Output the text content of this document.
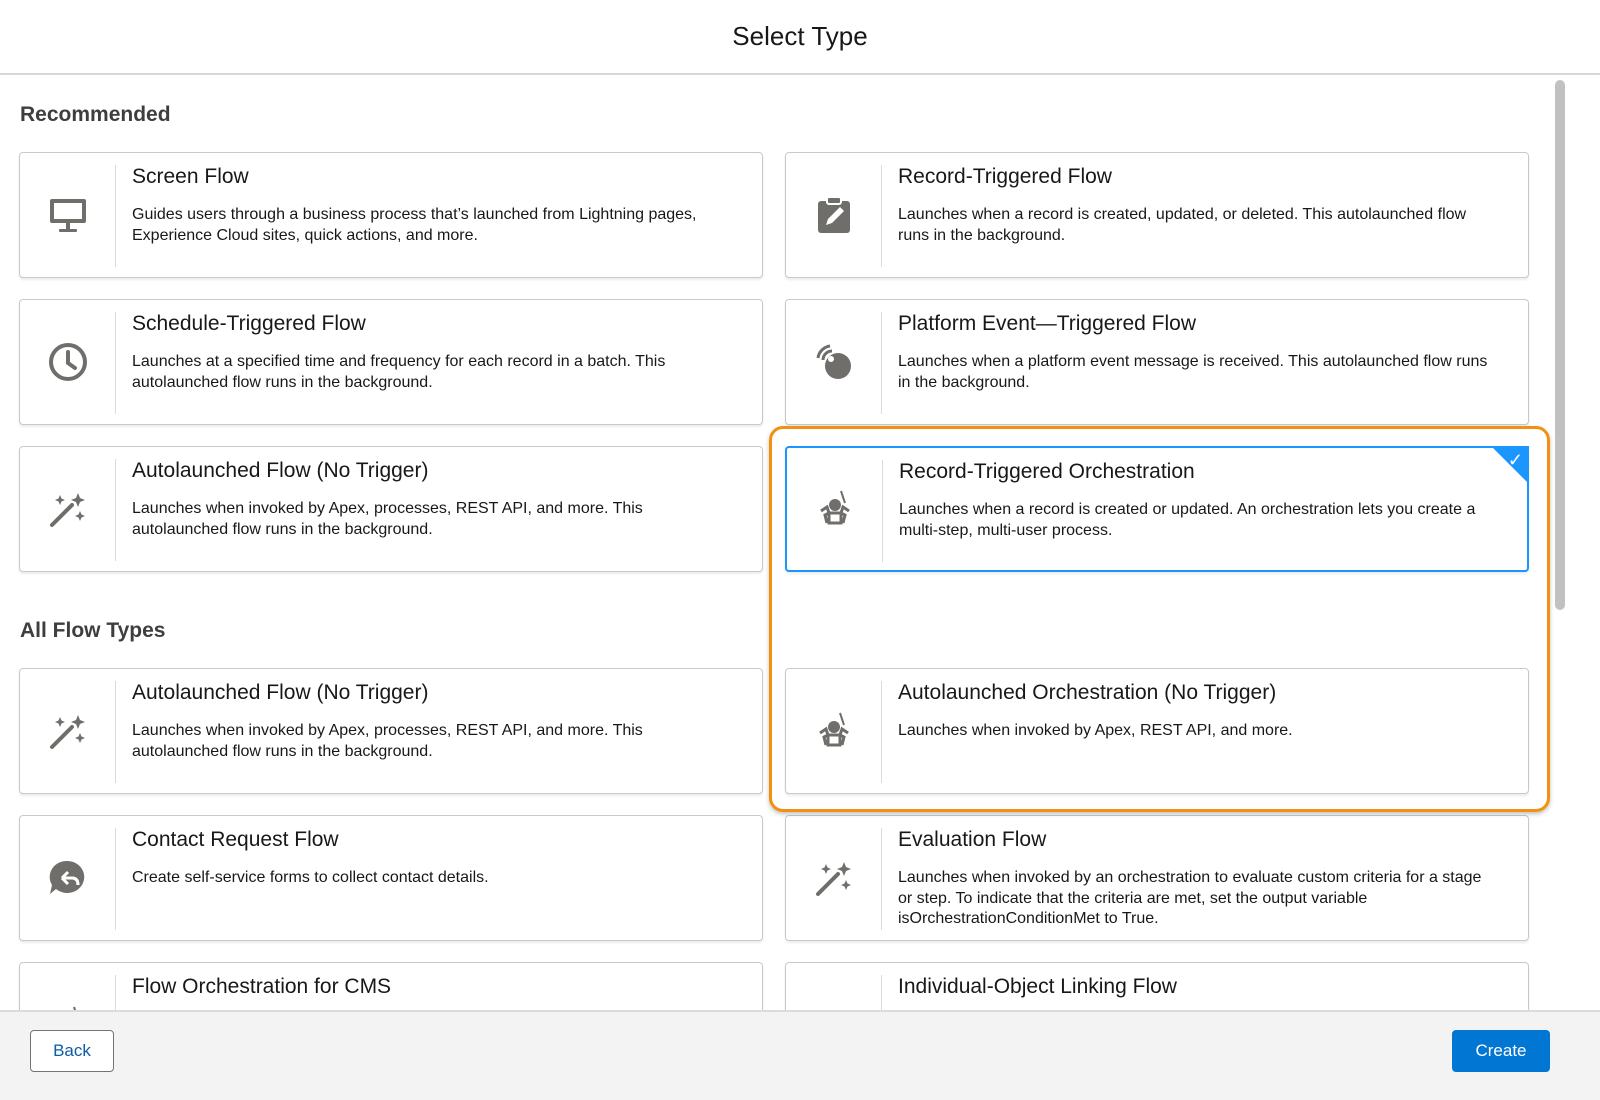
Select Type
Recommended
All Flow Types
Screen Flow
Guides users through a business process that’s launched from Lightning pages, Experience Cloud sites, quick actions, and more.
Record-Triggered Flow
Launches when a record is created, updated, or deleted. This autolaunched flow runs in the background.
Schedule-Triggered Flow
Launches at a specified time and frequency for each record in a batch. This autolaunched flow runs in the background.
Platform Event—Triggered Flow
Launches when a platform event message is received. This autolaunched flow runs in the background.
Autolaunched Flow (No Trigger)
Launches when invoked by Apex, processes, REST API, and more. This autolaunched flow runs in the background.
Record-Triggered Orchestration
Launches when a record is created or updated. An orchestration lets you create a multi-step, multi-user process.
✓
Autolaunched Flow (No Trigger)
Launches when invoked by Apex, processes, REST API, and more. This autolaunched flow runs in the background.
Autolaunched Orchestration (No Trigger)
Launches when invoked by Apex, REST API, and more.
Contact Request Flow
Create self-service forms to collect contact details.
Evaluation Flow
Launches when invoked by an orchestration to evaluate custom criteria for a stage or step. To indicate that the criteria are met, set the output variable isOrchestrationConditionMet to True.
Flow Orchestration for CMS	Individual-Object Linking Flow
Back	Create
